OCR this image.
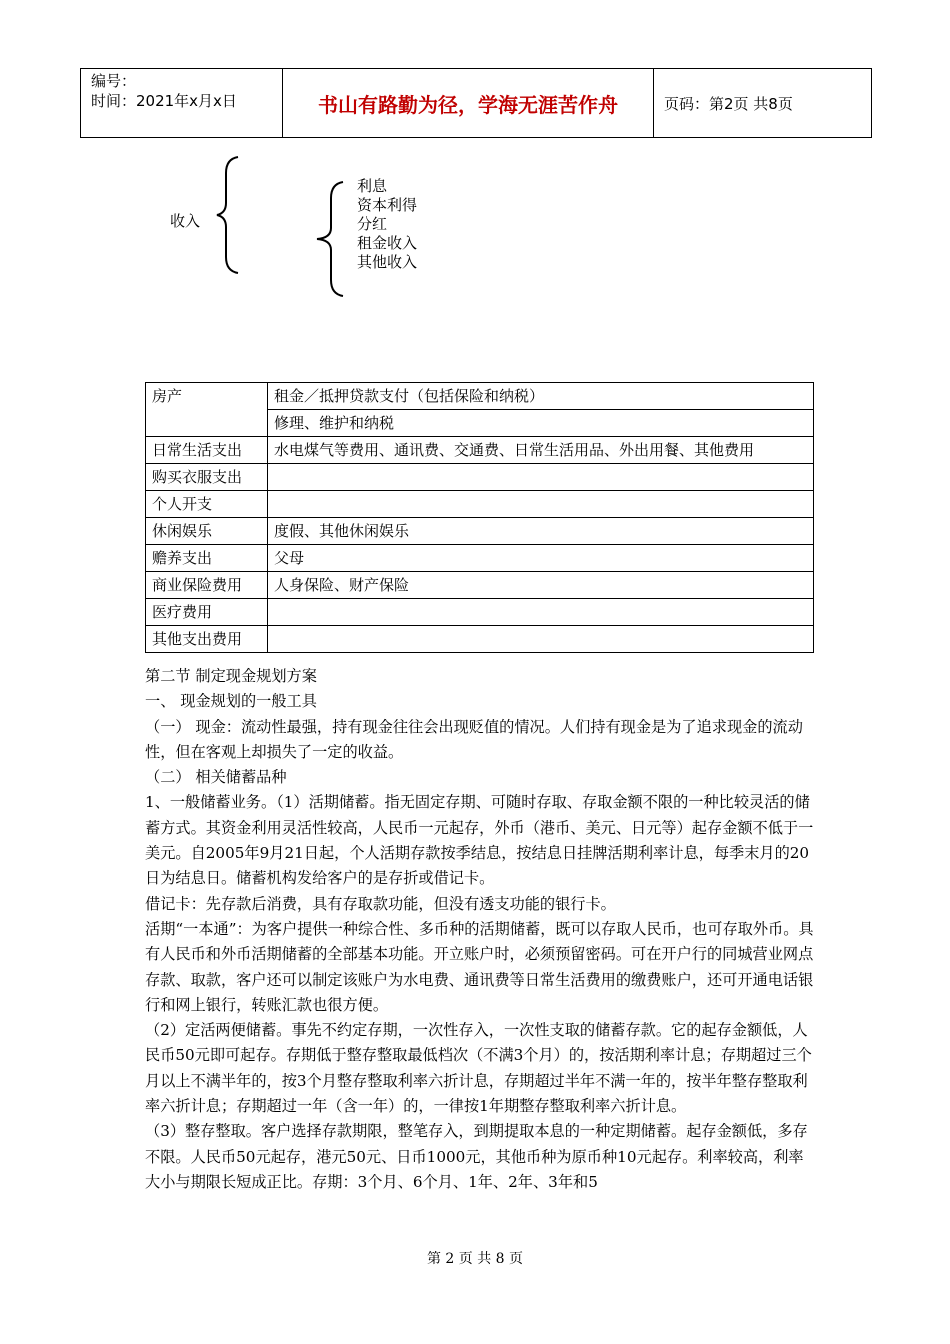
编号：
时间：2021年x月x日	书山有路勤为径，学海无涯苦作舟	页码：第2页 共8页
收入
利息
资本利得
分红
租金收入
其他收入
房产	租金／抵押贷款支付（包括保险和纳税）
	修理、维护和纳税
日常生活支出	水电煤气等费用、通讯费、交通费、日常生活用品、外出用餐、其他费用
购买衣服支出	
个人开支	
休闲娱乐	度假、其他休闲娱乐
赡养支出	父母
商业保险费用	人身保险、财产保险
医疗费用	
其他支出费用	

第二节 制定现金规划方案

一、 现金规划的一般工具

（一） 现金：流动性最强，持有现金往往会出现贬值的情况。人们持有现金是为了追求现金的流动性，但在客观上却损失了一定的收益。

（二） 相关储蓄品种

1、一般储蓄业务。（1）活期储蓄。指无固定存期、可随时存取、存取金额不限的一种比较灵活的储蓄方式。其资金利用灵活性较高，人民币一元起存，外币（港币、美元、日元等）起存金额不低于一美元。自2005年9月21日起，个人活期存款按季结息，按结息日挂牌活期利率计息，每季末月的20日为结息日。储蓄机构发给客户的是存折或借记卡。

借记卡：先存款后消费，具有存取款功能，但没有透支功能的银行卡。

活期“一本通”：为客户提供一种综合性、多币种的活期储蓄，既可以存取人民币，也可存取外币。具有人民币和外币活期储蓄的全部基本功能。开立账户时，必须预留密码。可在开户行的同城营业网点存款、取款，客户还可以制定该账户为水电费、通讯费等日常生活费用的缴费账户，还可开通电话银行和网上银行，转账汇款也很方便。

（2）定活两便储蓄。事先不约定存期，一次性存入，一次性支取的储蓄存款。它的起存金额低，人民币50元即可起存。存期低于整存整取最低档次（不满3个月）的，按活期利率计息；存期超过三个月以上不满半年的，按3个月整存整取利率六折计息，存期超过半年不满一年的，按半年整存整取利率六折计息；存期超过一年（含一年）的，一律按1年期整存整取利率六折计息。

（3）整存整取。客户选择存款期限，整笔存入，到期提取本息的一种定期储蓄。起存金额低，多存不限。人民币50元起存，港元50元、日币1000元，其他币种为原币种10元起存。利率较高，利率大小与期限长短成正比。存期：3个月、6个月、1年、2年、3年和5

第 2 页 共 8 页
